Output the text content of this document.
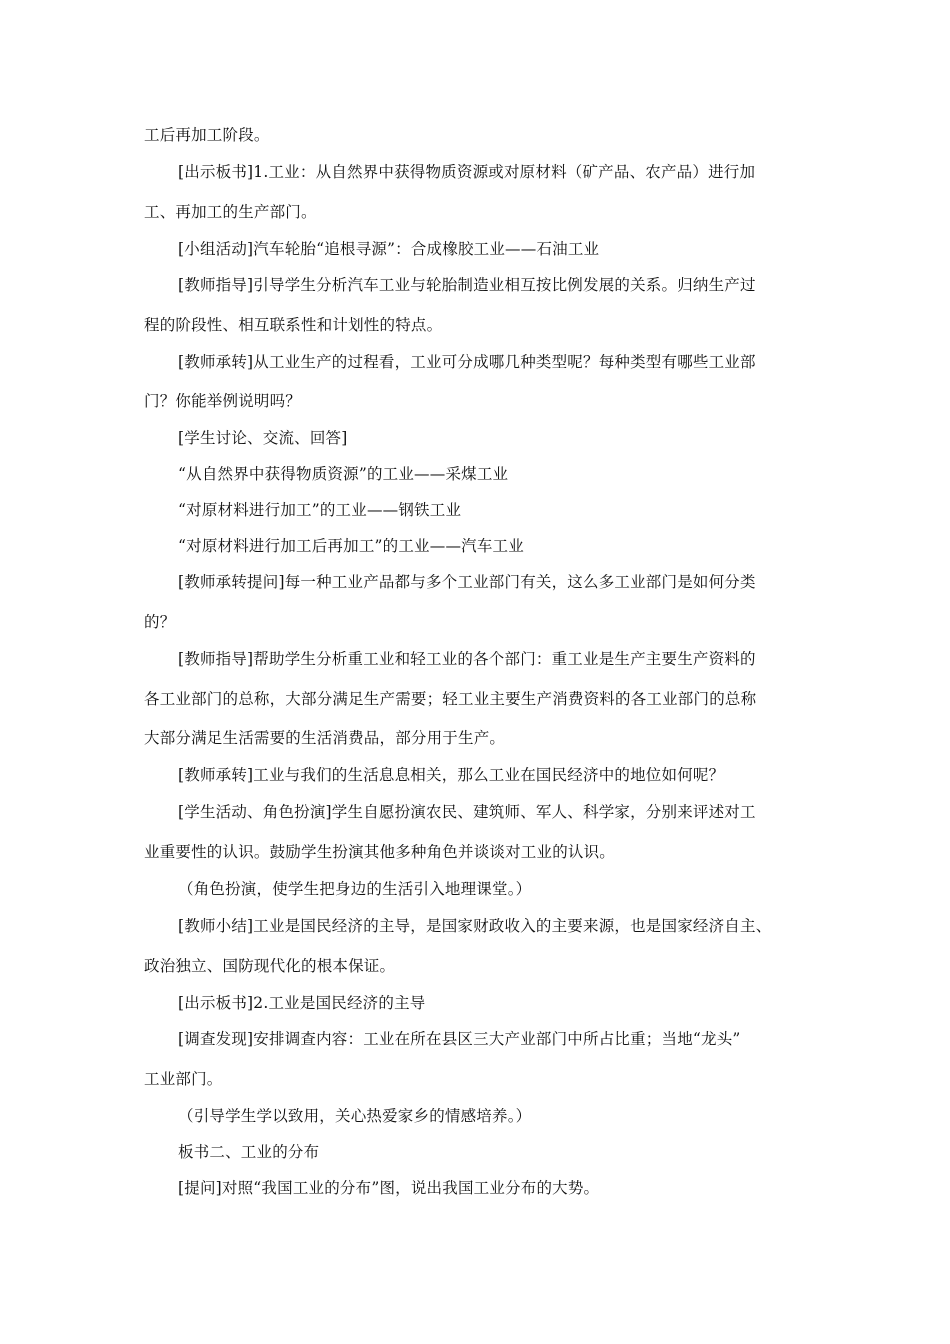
工后再加工阶段。
[出示板书]1.工业：从自然界中获得物质资源或对原材料（矿产品、农产品）进行加
工、再加工的生产部门。
[小组活动]汽车轮胎“追根寻源”：合成橡胶工业——石油工业
[教师指导]引导学生分析汽车工业与轮胎制造业相互按比例发展的关系。归纳生产过
程的阶段性、相互联系性和计划性的特点。
[教师承转]从工业生产的过程看，工业可分成哪几种类型呢？每种类型有哪些工业部
门？你能举例说明吗？
[学生讨论、交流、回答]
“从自然界中获得物质资源”的工业——采煤工业
“对原材料进行加工”的工业——钢铁工业
“对原材料进行加工后再加工”的工业——汽车工业
[教师承转提问]每一种工业产品都与多个工业部门有关，这么多工业部门是如何分类
的？
[教师指导]帮助学生分析重工业和轻工业的各个部门：重工业是生产主要生产资料的
各工业部门的总称，大部分满足生产需要；轻工业主要生产消费资料的各工业部门的总称
大部分满足生活需要的生活消费品，部分用于生产。
[教师承转]工业与我们的生活息息相关，那么工业在国民经济中的地位如何呢？
[学生活动、角色扮演]学生自愿扮演农民、建筑师、军人、科学家，分别来评述对工
业重要性的认识。鼓励学生扮演其他多种角色并谈谈对工业的认识。
（角色扮演，使学生把身边的生活引入地理课堂。）
[教师小结]工业是国民经济的主导，是国家财政收入的主要来源，也是国家经济自主、
政治独立、国防现代化的根本保证。
[出示板书]2.工业是国民经济的主导
[调查发现]安排调查内容：工业在所在县区三大产业部门中所占比重；当地“龙头”
工业部门。
（引导学生学以致用，关心热爱家乡的情感培养。）
板书二、工业的分布
[提问]对照“我国工业的分布”图，说出我国工业分布的大势。
